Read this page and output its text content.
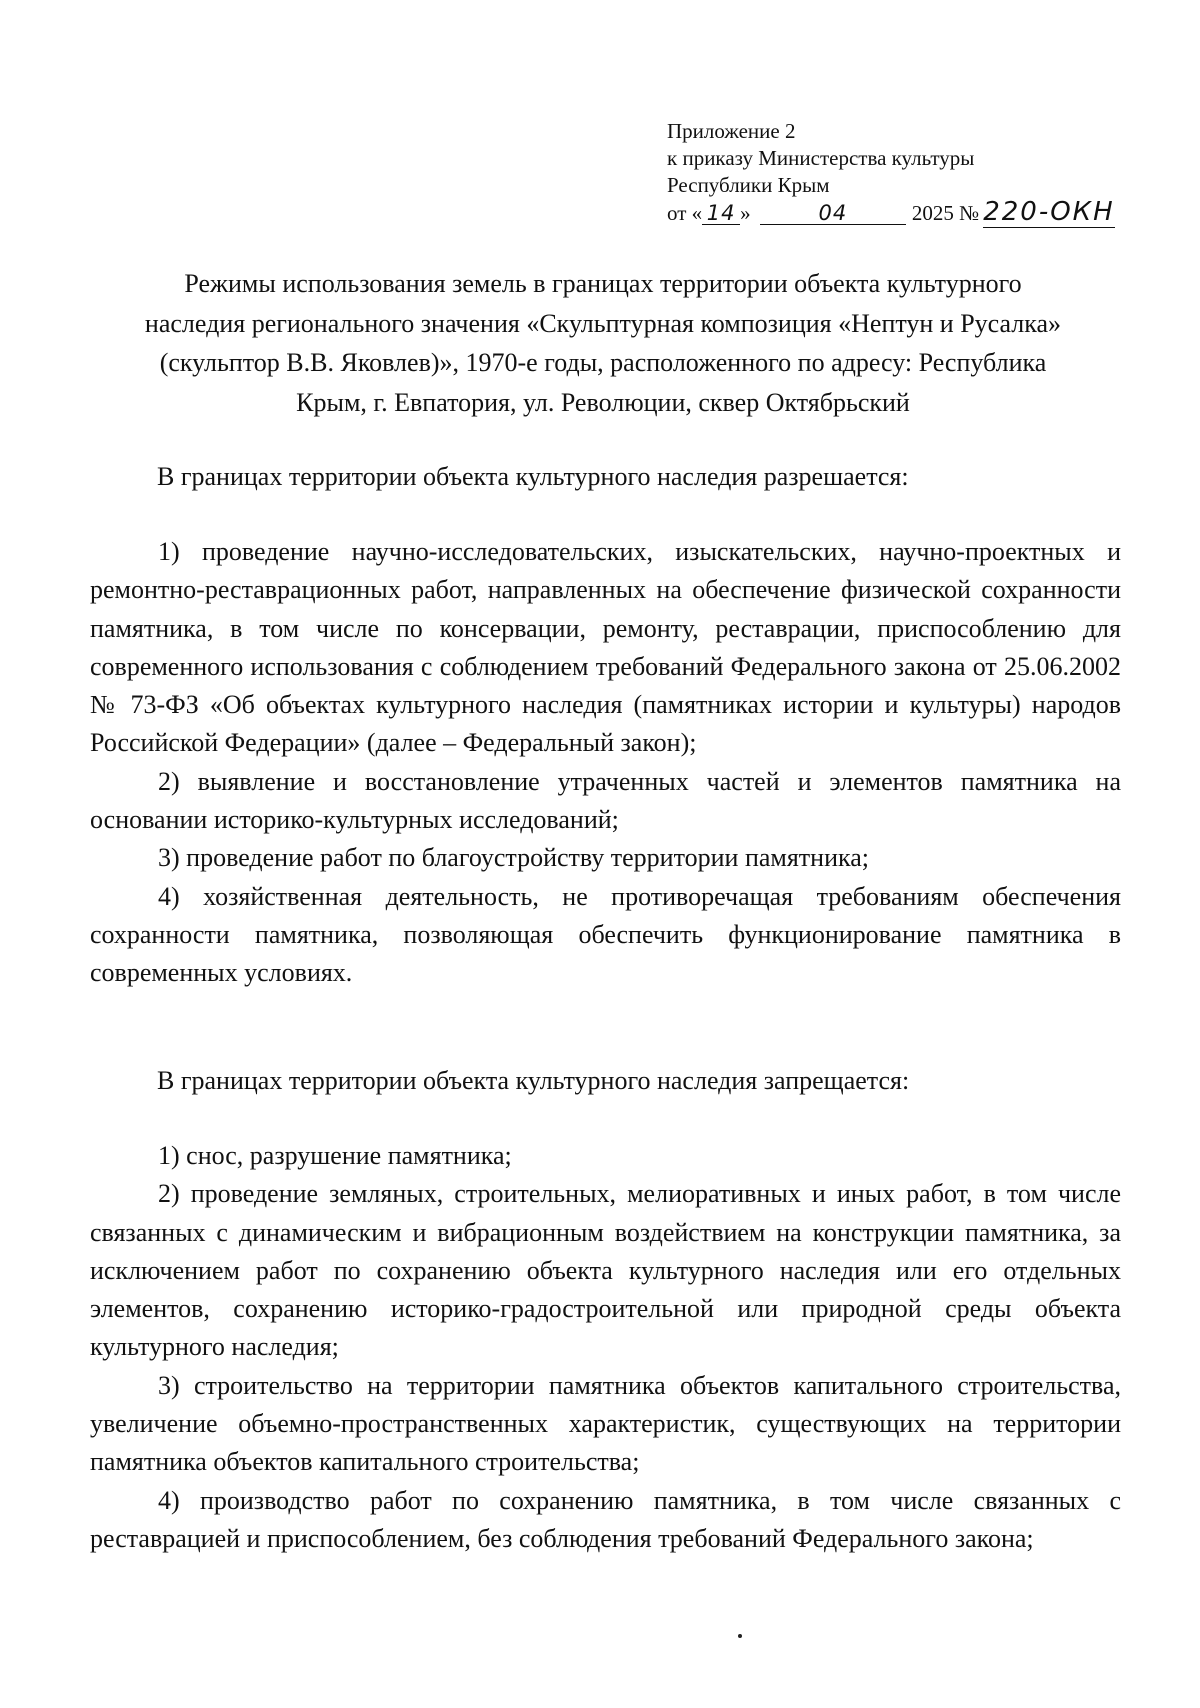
Приложение 2
к приказу Министерства культуры
Республики Крым
от « 14 »	04	2025 № 220-ОКН
Режимы использования земель в границах территории объекта культурного
наследия регионального значения «Скульптурная композиция «Нептун и Русалка»
(скульптор В.В. Яковлев)», 1970-е годы, расположенного по адресу: Республика
Крым, г. Евпатория, ул. Революции, сквер Октябрьский
В границах территории объекта культурного наследия разрешается:

1) проведение научно-исследовательских, изыскательских, научно-проектных и ремонтно-реставрационных работ, направленных на обеспечение физической сохранности памятника, в том числе по консервации, ремонту, реставрации, приспособлению для современного использования с соблюдением требований Федерального закона от 25.06.2002 № 73-ФЗ «Об объектах культурного наследия (памятниках истории и культуры) народов Российской Федерации» (далее – Федеральный закон);

2) выявление и восстановление утраченных частей и элементов памятника на основании историко-культурных исследований;

3) проведение работ по благоустройству территории памятника;

4) хозяйственная деятельность, не противоречащая требованиям обеспечения сохранности памятника, позволяющая обеспечить функционирование памятника в современных условиях.

В границах территории объекта культурного наследия запрещается:

1) снос, разрушение памятника;

2) проведение земляных, строительных, мелиоративных и иных работ, в том числе связанных с динамическим и вибрационным воздействием на конструкции памятника, за исключением работ по сохранению объекта культурного наследия или его отдельных элементов, сохранению историко-градостроительной или природной среды объекта культурного наследия;

3) строительство на территории памятника объектов капитального строительства, увеличение объемно-пространственных характеристик, существующих на территории памятника объектов капитального строительства;

4) производство работ по сохранению памятника, в том числе связанных с реставрацией и приспособлением, без соблюдения требований Федерального закона;
